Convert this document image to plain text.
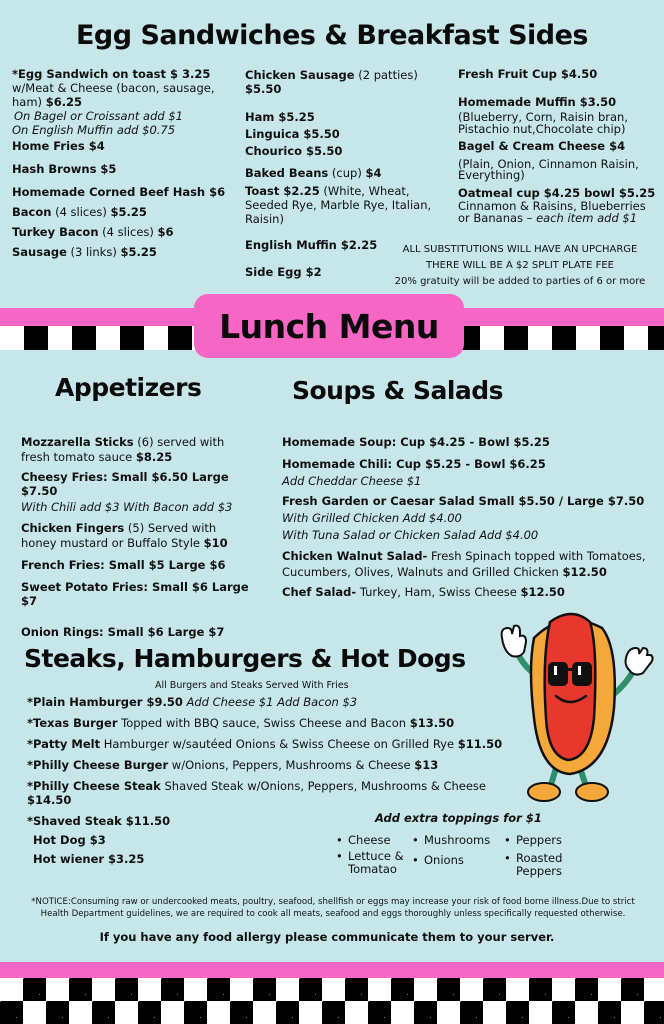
Egg Sandwiches & Breakfast Sides
*Egg Sandwich on toast $ 3.25 w/Meat & Cheese (bacon, sausage, ham) $6.25
On Bagel or Croissant add $1
On English Muffin add $0.75
Home Fries $4
Hash Browns $5
Homemade Corned Beef Hash $6
Bacon (4 slices) $5.25
Turkey Bacon (4 slices) $6
Sausage (3 links) $5.25
Chicken Sausage (2 patties) $5.50
Ham $5.25
Linguica $5.50
Chourico $5.50
Baked Beans (cup) $4
Toast $2.25 (White, Wheat, Seeded Rye, Marble Rye, Italian, Raisin)
English Muffin $2.25
Side Egg $2
Fresh Fruit Cup $4.50
Homemade Muffin $3.50
(Blueberry, Corn, Raisin bran, Pistachio nut,Chocolate chip)
Bagel & Cream Cheese $4
(Plain, Onion, Cinnamon Raisin, Everything)
Oatmeal cup $4.25 bowl $5.25
Cinnamon & Raisins, Blueberries or Bananas – each item add $1
ALL SUBSTITUTIONS WILL HAVE AN UPCHARGE
THERE WILL BE A $2 SPLIT PLATE FEE
20% gratuity will be added to parties of 6 or more
Lunch Menu
Appetizers
Mozzarella Sticks (6) served with fresh tomato sauce $8.25
Cheesy Fries: Small $6.50 Large $7.50
With Chili add $3 With Bacon add $3
Chicken Fingers (5) Served with honey mustard or Buffalo Style $10
French Fries: Small $5 Large $6
Sweet Potato Fries: Small $6 Large $7
Onion Rings: Small $6 Large $7
Soups & Salads
Homemade Soup: Cup $4.25 - Bowl $5.25
Homemade Chili: Cup $5.25 - Bowl $6.25
Add Cheddar Cheese $1
Fresh Garden or Caesar Salad Small $5.50 / Large $7.50
With Grilled Chicken Add $4.00
With Tuna Salad or Chicken Salad Add $4.00
Chicken Walnut Salad- Fresh Spinach topped with Tomatoes, Cucumbers, Olives, Walnuts and Grilled Chicken $12.50
Chef Salad- Turkey, Ham, Swiss Cheese $12.50
Steaks, Hamburgers & Hot Dogs
All Burgers and Steaks Served With Fries
*Plain Hamburger $9.50 Add Cheese $1 Add Bacon $3
*Texas Burger Topped with BBQ sauce, Swiss Cheese and Bacon $13.50
*Patty Melt Hamburger w/sautéed Onions & Swiss Cheese on Grilled Rye $11.50
*Philly Cheese Burger w/Onions, Peppers, Mushrooms & Cheese $13
*Philly Cheese Steak Shaved Steak w/Onions, Peppers, Mushrooms & Cheese $14.50
*Shaved Steak $11.50
Hot Dog $3
Hot wiener $3.25
Add extra toppings for $1
• Cheese
• Lettuce & Tomatao
• Mushrooms
• Onions
• Peppers
• Roasted Peppers
*NOTICE:Consuming raw or undercooked meats, poultry, seafood, shellfish or eggs may increase your risk of food borne illness.Due to strict Health Department guidelines, we are required to cook all meats, seafood and eggs thoroughly unless specifically requested otherwise.
If you have any food allergy please communicate them to your server.
